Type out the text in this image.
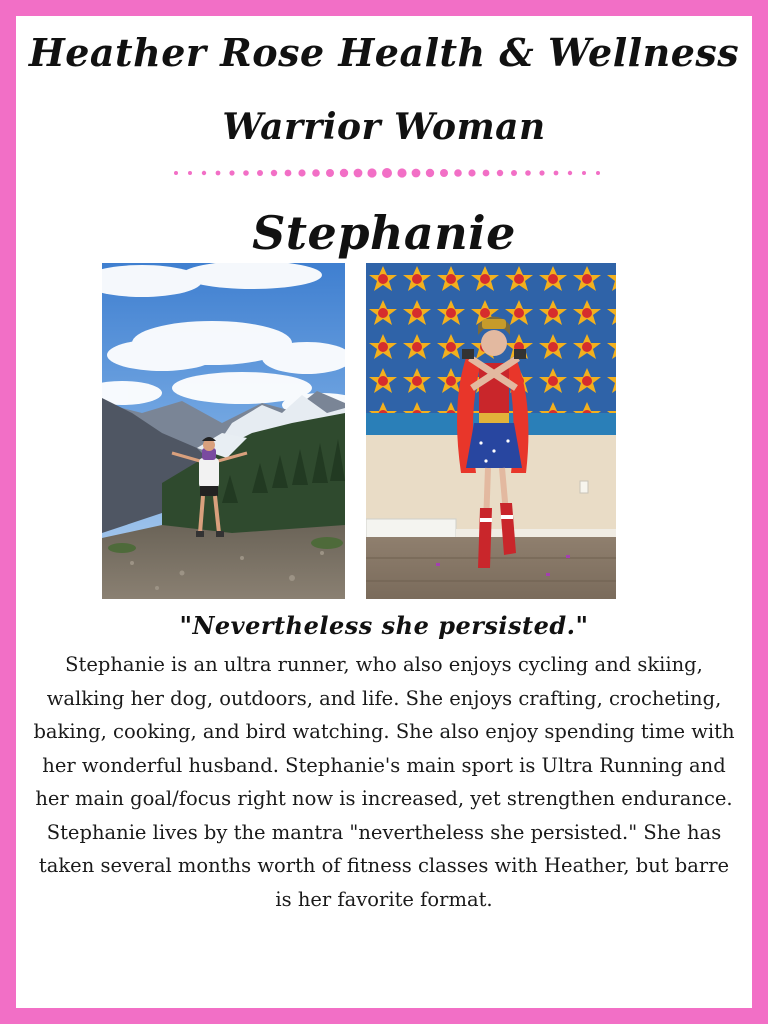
Heather Rose Health & Wellness
Warrior Woman
Stephanie
"Nevertheless she persisted."

Stephanie is an ultra runner, who also enjoys cycling and skiing, walking her dog, outdoors, and life. She enjoys crafting, crocheting, baking, cooking, and bird watching. She also enjoy spending time with her wonderful husband. Stephanie's main sport is Ultra Running and her main goal/focus right now is increased, yet strengthen endurance. Stephanie lives by the mantra "nevertheless she persisted." She has taken several months worth of fitness classes with Heather, but barre is her favorite format.
